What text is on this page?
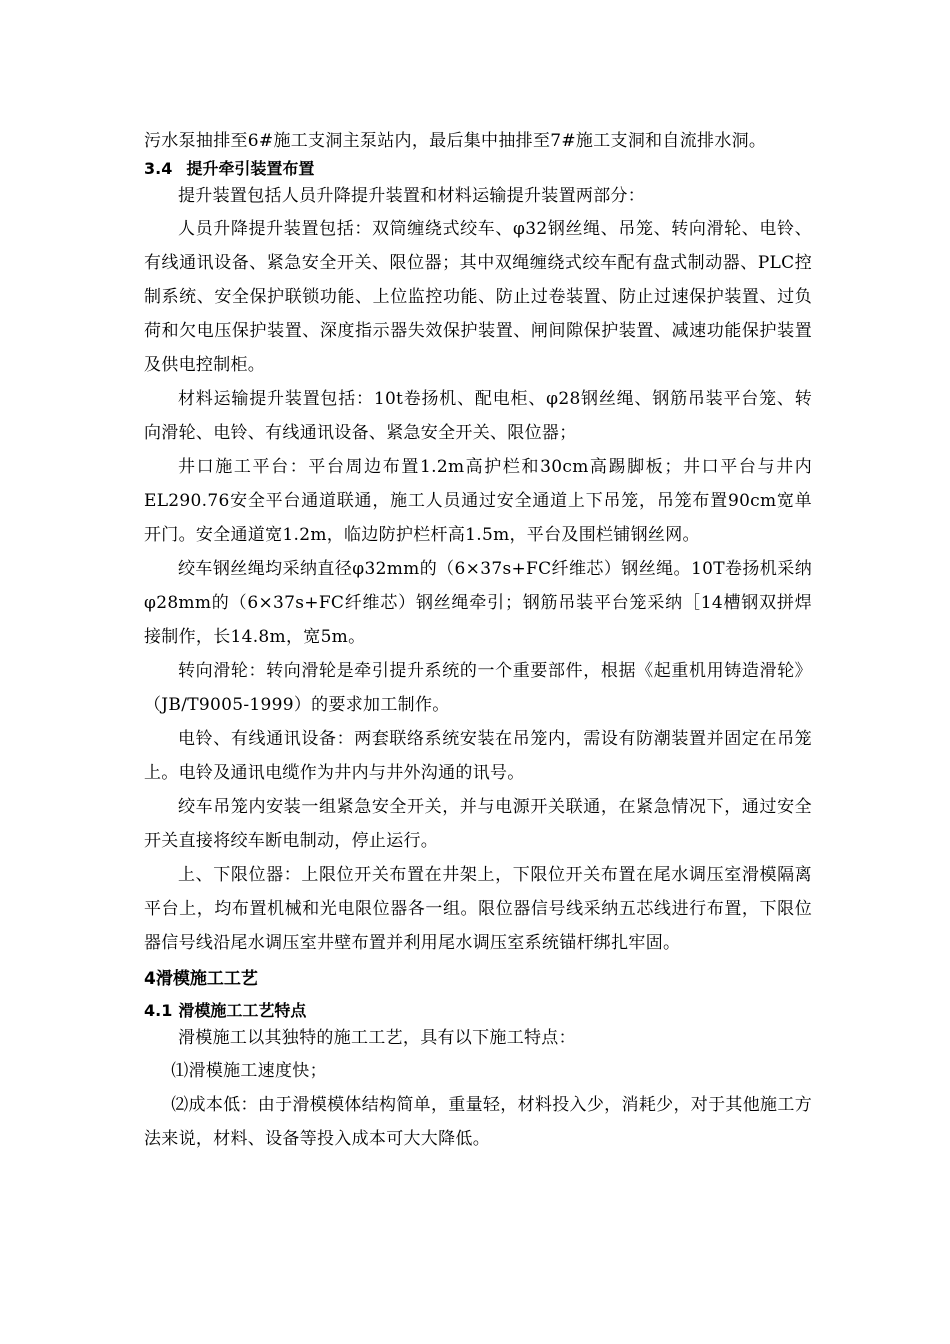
污水泵抽排至6#施工支洞主泵站内，最后集中抽排至7#施工支洞和自流排水洞。

3.4 提升牵引装置布置

提升装置包括人员升降提升装置和材料运输提升装置两部分：

人员升降提升装置包括：双筒缠绕式绞车、φ32钢丝绳、吊笼、转向滑轮、电铃、有线通讯设备、紧急安全开关、限位器；其中双绳缠绕式绞车配有盘式制动器、PLC控制系统、安全保护联锁功能、上位监控功能、防止过卷装置、防止过速保护装置、过负荷和欠电压保护装置、深度指示器失效保护装置、闸间隙保护装置、减速功能保护装置及供电控制柜。

材料运输提升装置包括：10t卷扬机、配电柜、φ28钢丝绳、钢筋吊装平台笼、转向滑轮、电铃、有线通讯设备、紧急安全开关、限位器；

井口施工平台：平台周边布置1.2m高护栏和30cm高踢脚板；井口平台与井内EL290.76安全平台通道联通，施工人员通过安全通道上下吊笼，吊笼布置90cm宽单开门。安全通道宽1.2m，临边防护栏杆高1.5m，平台及围栏铺钢丝网。

绞车钢丝绳均采纳直径φ32mm的（6×37s+FC纤维芯）钢丝绳。10T卷扬机采纳φ28mm的（6×37s+FC纤维芯）钢丝绳牵引；钢筋吊装平台笼采纳［14槽钢双拼焊接制作，长14.8m，宽5m。

转向滑轮：转向滑轮是牵引提升系统的一个重要部件，根据《起重机用铸造滑轮》（JB/T9005-1999）的要求加工制作。

电铃、有线通讯设备：两套联络系统安装在吊笼内，需设有防潮装置并固定在吊笼上。电铃及通讯电缆作为井内与井外沟通的讯号。

绞车吊笼内安装一组紧急安全开关，并与电源开关联通，在紧急情况下，通过安全开关直接将绞车断电制动，停止运行。

上、下限位器：上限位开关布置在井架上，下限位开关布置在尾水调压室滑模隔离平台上，均布置机械和光电限位器各一组。限位器信号线采纳五芯线进行布置，下限位器信号线沿尾水调压室井壁布置并利用尾水调压室系统锚杆绑扎牢固。

4滑模施工工艺
4.1 滑模施工工艺特点

滑模施工以其独特的施工工艺，具有以下施工特点：

⑴滑模施工速度快；

⑵成本低：由于滑模模体结构简单，重量轻，材料投入少，消耗少，对于其他施工方法来说，材料、设备等投入成本可大大降低。
